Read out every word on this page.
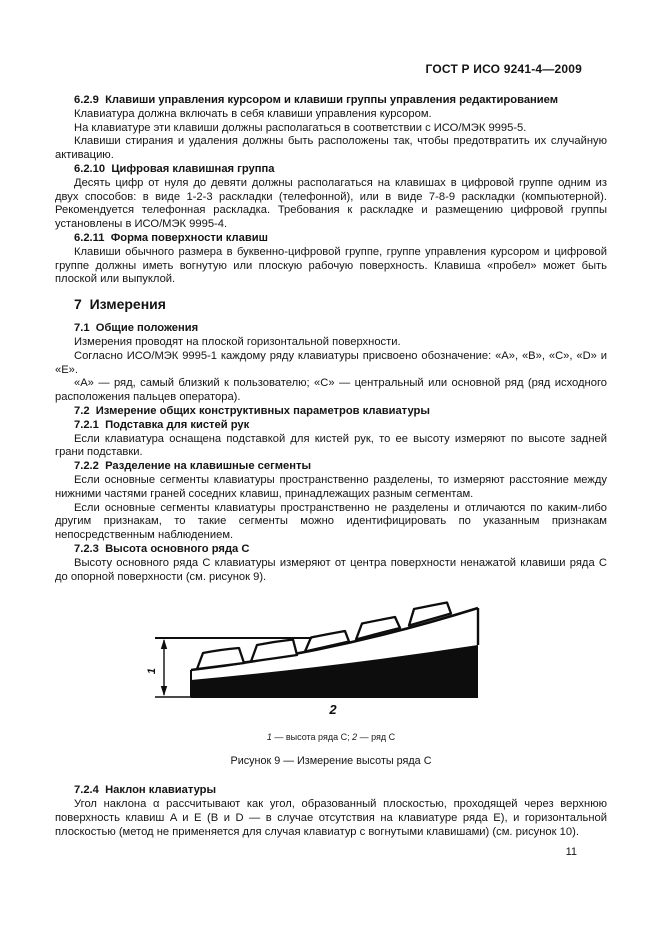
ГОСТ Р ИСО 9241-4—2009
6.2.9  Клавиши управления курсором и клавиши группы управления редактированием
Клавиатура должна включать в себя клавиши управления курсором.
На клавиатуре эти клавиши должны располагаться в соответствии с ИСО/МЭК 9995-5.
Клавиши стирания и удаления должны быть расположены так, чтобы предотвратить их случайную активацию.
6.2.10  Цифровая клавишная группа
Десять цифр от нуля до девяти должны располагаться на клавишах в цифровой группе одним из двух способов: в виде 1-2-3 раскладки (телефонной), или в виде 7-8-9 раскладки (компьютерной). Рекомендуется телефонная раскладка. Требования к раскладке и размещению цифровой группы установлены в ИСО/МЭК 9995-4.
6.2.11  Форма поверхности клавиш
Клавиши обычного размера в буквенно-цифровой группе, группе управления курсором и цифровой группе должны иметь вогнутую или плоскую рабочую поверхность. Клавиша «пробел» может быть плоской или выпуклой.
7  Измерения
7.1  Общие положения
Измерения проводят на плоской горизонтальной поверхности.
Согласно ИСО/МЭК 9995-1 каждому ряду клавиатуры присвоено обозначение: «A», «B», «C», «D» и «E».
«A» — ряд, самый близкий к пользователю; «C» — центральный или основной ряд (ряд исходного расположения пальцев оператора).
7.2  Измерение общих конструктивных параметров клавиатуры
7.2.1  Подставка для кистей рук
Если клавиатура оснащена подставкой для кистей рук, то ее высоту измеряют по высоте задней грани подставки.
7.2.2  Разделение на клавишные сегменты
Если основные сегменты клавиатуры пространственно разделены, то измеряют расстояние между нижними частями граней соседних клавиш, принадлежащих разным сегментам.
Если основные сегменты клавиатуры пространственно не разделены и отличаются по каким-либо другим признакам, то такие сегменты можно идентифицировать по указанным признакам непосредственным наблюдением.
7.2.3  Высота основного ряда C
Высоту основного ряда C клавиатуры измеряют от центра поверхности ненажатой клавиши ряда C до опорной поверхности (см. рисунок 9).
1
2
1 — высота ряда C; 2 — ряд C
Рисунок 9 — Измерение высоты ряда C
7.2.4  Наклон клавиатуры
Угол наклона α рассчитывают как угол, образованный плоскостью, проходящей через верхнюю поверхность клавиш A и E (B и D — в случае отсутствия на клавиатуре ряда E), и горизонтальной плоскостью (метод не применяется для случая клавиатур с вогнутыми клавишами) (см. рисунок 10).
11
